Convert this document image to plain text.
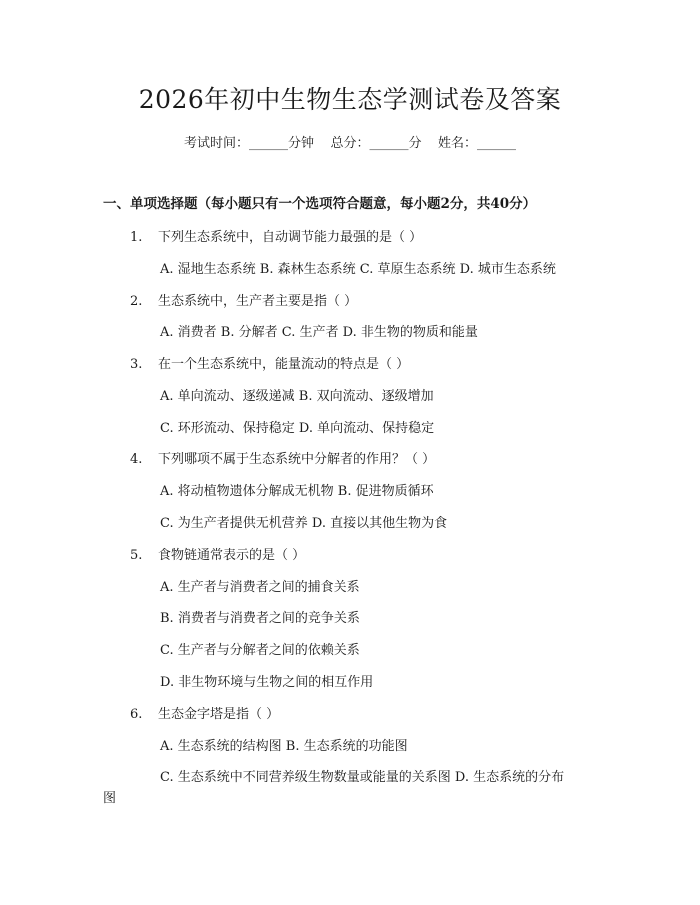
2026年初中生物生态学测试卷及答案
考试时间：______分钟    总分：______分    姓名：______
一、单项选择题（每小题只有一个选项符合题意，每小题2分，共40分）
1. 下列生态系统中，自动调节能力最强的是（ ）
A. 湿地生态系统 B. 森林生态系统 C. 草原生态系统 D. 城市生态系统
2. 生态系统中，生产者主要是指（ ）
A. 消费者 B. 分解者 C. 生产者 D. 非生物的物质和能量
3. 在一个生态系统中，能量流动的特点是（ ）
A. 单向流动、逐级递减 B. 双向流动、逐级增加
C. 环形流动、保持稳定 D. 单向流动、保持稳定
4. 下列哪项不属于生态系统中分解者的作用？（ ）
A. 将动植物遗体分解成无机物 B. 促进物质循环
C. 为生产者提供无机营养 D. 直接以其他生物为食
5. 食物链通常表示的是（ ）
A. 生产者与消费者之间的捕食关系
B. 消费者与消费者之间的竞争关系
C. 生产者与分解者之间的依赖关系
D. 非生物环境与生物之间的相互作用
6. 生态金字塔是指（ ）
A. 生态系统的结构图 B. 生态系统的功能图
C. 生态系统中不同营养级生物数量或能量的关系图 D. 生态系统的分布
图
